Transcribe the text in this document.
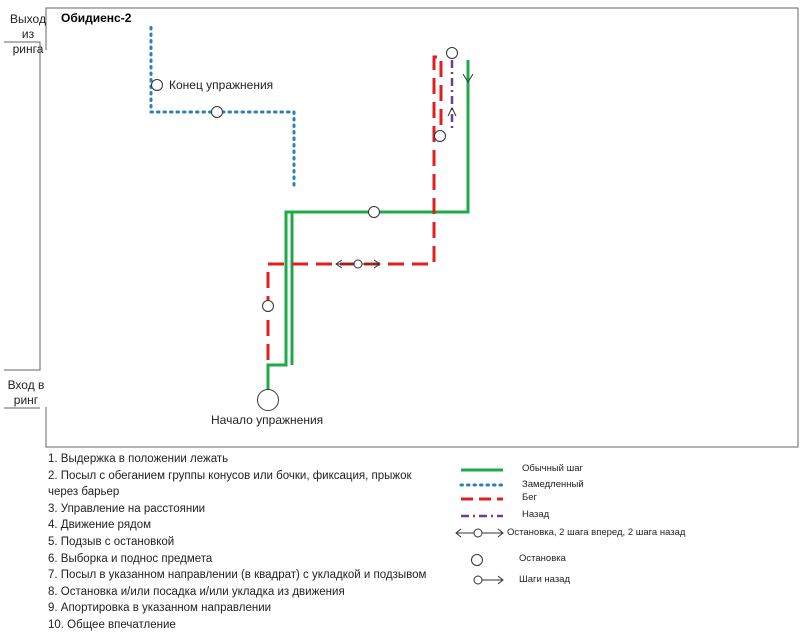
Выход из
ринга
Вход в
ринг
Обидиенс-2
Конец упражнения
Начало упражнения
1. Выдержка в положении лежать
2. Посыл с обеганием группы конусов или бочки, фиксация, прыжок
через барьер
3. Управление на расстоянии
4. Движение рядом
5. Подзыв с остановкой
6. Выборка и поднос предмета
7. Посыл в указанном направлении (в квадрат) с укладкой и подзывом
8. Остановка и/или посадка и/или укладка из движения
9. Апортировка в указанном направлении
10. Общее впечатление
Обычный шаг
Замедленный
Бег
Назад
Остановка, 2 шага вперед, 2 шага назад
Остановка
Шаги назад
